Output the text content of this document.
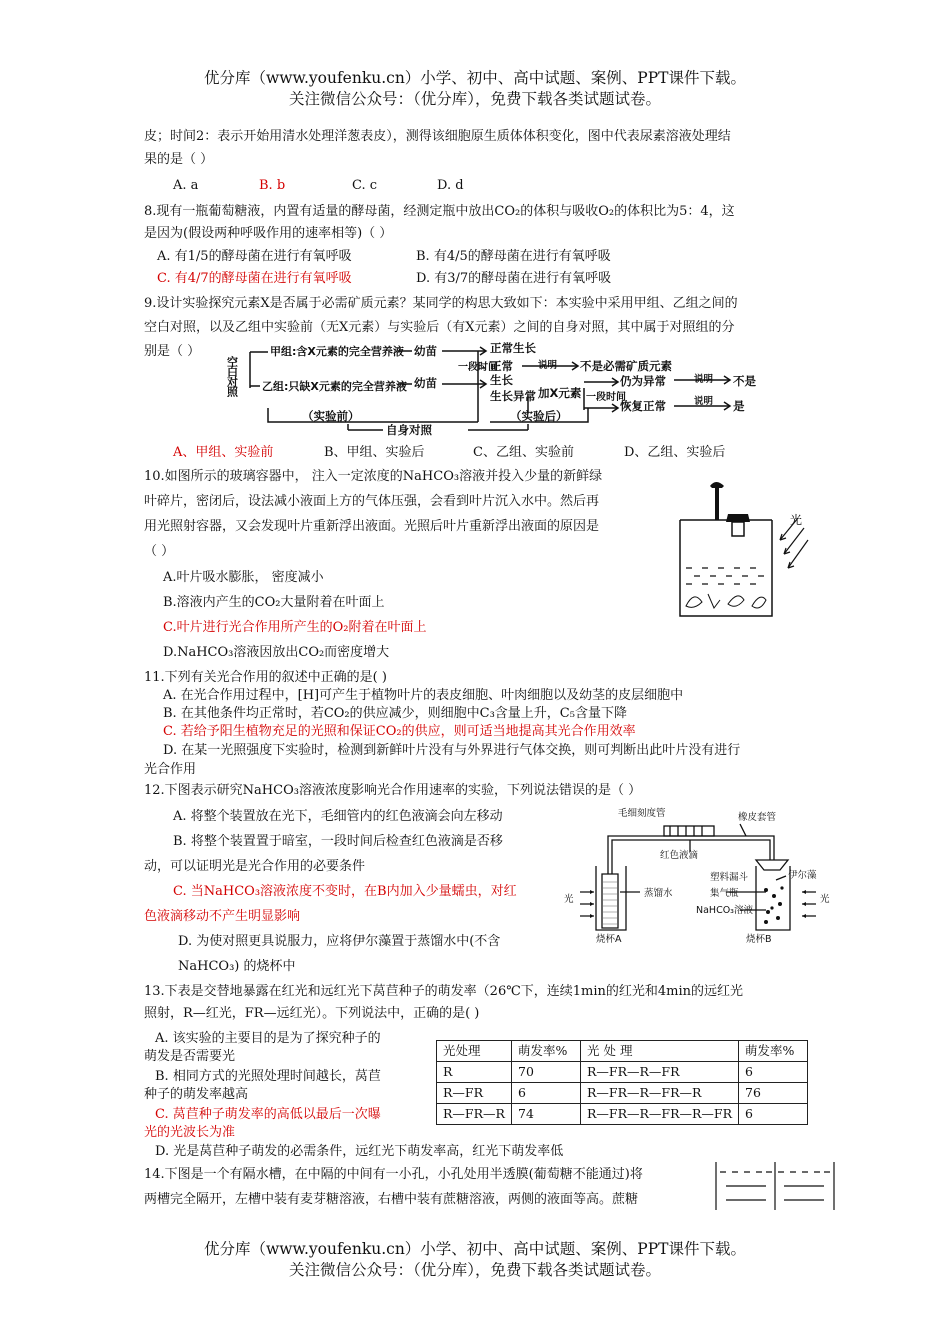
优分库（www.youfenku.cn）小学、初中、高中试题、案例、PPT课件下载。
关注微信公众号：（优分库），免费下载各类试题试卷。
皮；时间2：表示开始用清水处理洋葱表皮），测得该细胞原生质体体积变化，图中代表尿素溶液处理结
果的是（ ）
A. a	B. b	C. c	D. d
8.现有一瓶葡萄糖液，内置有适量的酵母菌，经测定瓶中放出CO₂的体积与吸收O₂的体积比为5：4，这
是因为(假设两种呼吸作用的速率相等)（ ）
A. 有1/5的酵母菌在进行有氧呼吸	B. 有4/5的酵母菌在进行有氧呼吸
C. 有4/7的酵母菌在进行有氧呼吸	D. 有3/7的酵母菌在进行有氧呼吸
9.设计实验探究元素X是否属于必需矿质元素？某同学的构思大致如下：本实验中采用甲组、乙组之间的
空白对照，以及乙组中实验前（无X元素）与实验后（有X元素）之间的自身对照，其中属于对照组的分
别是（ ）
空白对照
甲组:含X元素的完全营养液 幼苗	正常生长
一段时间
正常	说明 不是必需矿质元素
乙组:只缺X元素的完全营养液 幼苗	生长
生长异常 加X元素 一段时间
仍为异常	说明 不是
恢复正常	说明 是
（实验前）	（实验后）
自身对照
A、甲组、实验前	B、甲组、实验后	C、乙组、实验前	D、乙组、实验后
10.如图所示的玻璃容器中， 注入一定浓度的NaHCO₃溶液并投入少量的新鲜绿
叶碎片，密闭后，设法减小液面上方的气体压强，会看到叶片沉入水中。然后再
用光照射容器，又会发现叶片重新浮出液面。光照后叶片重新浮出液面的原因是
（ ）
A.叶片吸水膨胀， 密度减小
B.溶液内产生的CO₂大量附着在叶面上
C.叶片进行光合作用所产生的O₂附着在叶面上
D.NaHCO₃溶液因放出CO₂而密度增大
光
11.下列有关光合作用的叙述中正确的是( )
A. 在光合作用过程中，[H]可产生于植物叶片的表皮细胞、叶肉细胞以及幼茎的皮层细胞中
B. 在其他条件均正常时，若CO₂的供应减少，则细胞中C₃含量上升，C₅含量下降
C. 若给予阳生植物充足的光照和保证CO₂的供应，则可适当地提高其光合作用效率
D. 在某一光照强度下实验时，检测到新鲜叶片没有与外界进行气体交换，则可判断出此叶片没有进行
光合作用
12.下图表示研究NaHCO₃溶液浓度影响光合作用速率的实验，下列说法错误的是（ ）
A. 将整个装置放在光下，毛细管内的红色液滴会向左移动
B. 将整个装置置于暗室，一段时间后检查红色液滴是否移
动，可以证明光是光合作用的必要条件
C. 当NaHCO₃溶液浓度不变时，在B内加入少量蠕虫，对红
色液滴移动不产生明显影响
D. 为使对照更具说服力，应将伊尔藻置于蒸馏水中(不含
NaHCO₃) 的烧杯中
毛细刻度管	橡皮套管
红色液滴
塑料漏斗	伊尔藻
蒸馏水	集气瓶
NaHCO₃溶液
光	光
烧杯A	烧杯B
13.下表是交替地暴露在红光和远红光下莴苣种子的萌发率（26℃下，连续1min的红光和4min的远红光
照射，R—红光，FR—远红光）。下列说法中，正确的是( )
A. 该实验的主要目的是为了探究种子的
萌发是否需要光
B. 相同方式的光照处理时间越长，莴苣
种子的萌发率越高
C. 莴苣种子萌发率的高低以最后一次曝
光的光波长为准
D. 光是莴苣种子萌发的必需条件，远红光下萌发率高，红光下萌发率低
光处理	萌发率%	光 处 理	萌发率%
R	70	R—FR—R—FR	6
R—FR	6	R—FR—R—FR—R	76
R—FR—R	74	R—FR—R—FR—R—FR	6
14.下图是一个有隔水槽，在中隔的中间有一小孔，小孔处用半透膜(葡萄糖不能通过)将
两槽完全隔开，左槽中装有麦芽糖溶液，右槽中装有蔗糖溶液，两侧的液面等高。蔗糖
优分库（www.youfenku.cn）小学、初中、高中试题、案例、PPT课件下载。
关注微信公众号：（优分库），免费下载各类试题试卷。
